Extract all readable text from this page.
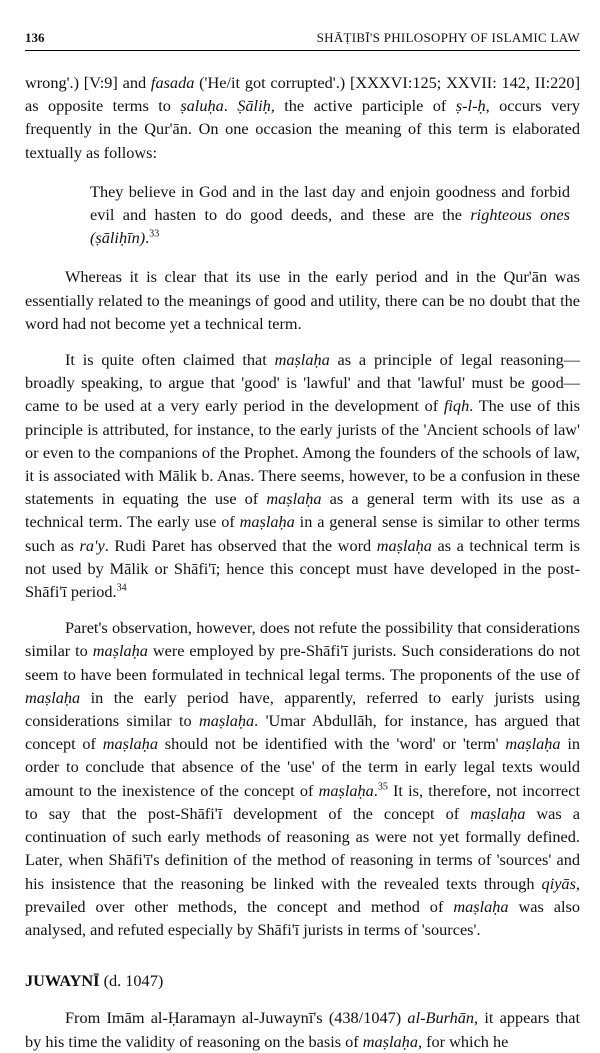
136	SHĀṬIBĪ'S PHILOSOPHY OF ISLAMIC LAW

wrong'.) [V:9] and fasada ('He/it got corrupted'.) [XXXVI:125; XXVII: 142, II:220] as opposite terms to ṣaluḥa. Ṣāliḥ, the active participle of ṣ-l-ḥ, occurs very frequently in the Qur'ān. On one occasion the meaning of this term is elaborated textually as follows:

They believe in God and in the last day and enjoin goodness and forbid evil and hasten to do good deeds, and these are the righteous ones (ṣāliḥīn).$^{33}$

Whereas it is clear that its use in the early period and in the Qur'ān was essentially related to the meanings of good and utility, there can be no doubt that the word had not become yet a technical term.

It is quite often claimed that maṣlaḥa as a principle of legal reasoning—broadly speaking, to argue that 'good' is 'lawful' and that 'lawful' must be good—came to be used at a very early period in the development of fiqh. The use of this principle is attributed, for instance, to the early jurists of the 'Ancient schools of law' or even to the companions of the Prophet. Among the founders of the schools of law, it is associated with Mālik b. Anas. There seems, however, to be a confusion in these statements in equating the use of maṣlaḥa as a general term with its use as a technical term. The early use of maṣlaḥa in a general sense is similar to other terms such as ra'y. Rudi Paret has observed that the word maṣlaḥa as a technical term is not used by Mālik or Shāfi'ī; hence this concept must have developed in the post-Shāfi'ī period.$^{34}$

Paret's observation, however, does not refute the possibility that considerations similar to maṣlaḥa were employed by pre-Shāfi'ī jurists. Such considerations do not seem to have been formulated in technical legal terms. The proponents of the use of maṣlaḥa in the early period have, apparently, referred to early jurists using considerations similar to maṣlaḥa. 'Umar Abdullāh, for instance, has argued that concept of maṣlaḥa should not be identified with the 'word' or 'term' maṣlaḥa in order to conclude that absence of the 'use' of the term in early legal texts would amount to the inexistence of the concept of maṣlaḥa.$^{35}$ It is, therefore, not incorrect to say that the post-Shāfi'ī development of the concept of maṣlaḥa was a continuation of such early methods of reasoning as were not yet formally defined. Later, when Shāfi'ī's definition of the method of reasoning in terms of 'sources' and his insistence that the reasoning be linked with the revealed texts through qiyās, prevailed over other methods, the concept and method of maṣlaḥa was also analysed, and refuted especially by Shāfi'ī jurists in terms of 'sources'.

JUWAYNĪ (d. 1047)

From Imām al-Ḥaramayn al-Juwaynī's (438/1047) al-Burhān, it appears that by his time the validity of reasoning on the basis of maṣlaḥa, for which he
